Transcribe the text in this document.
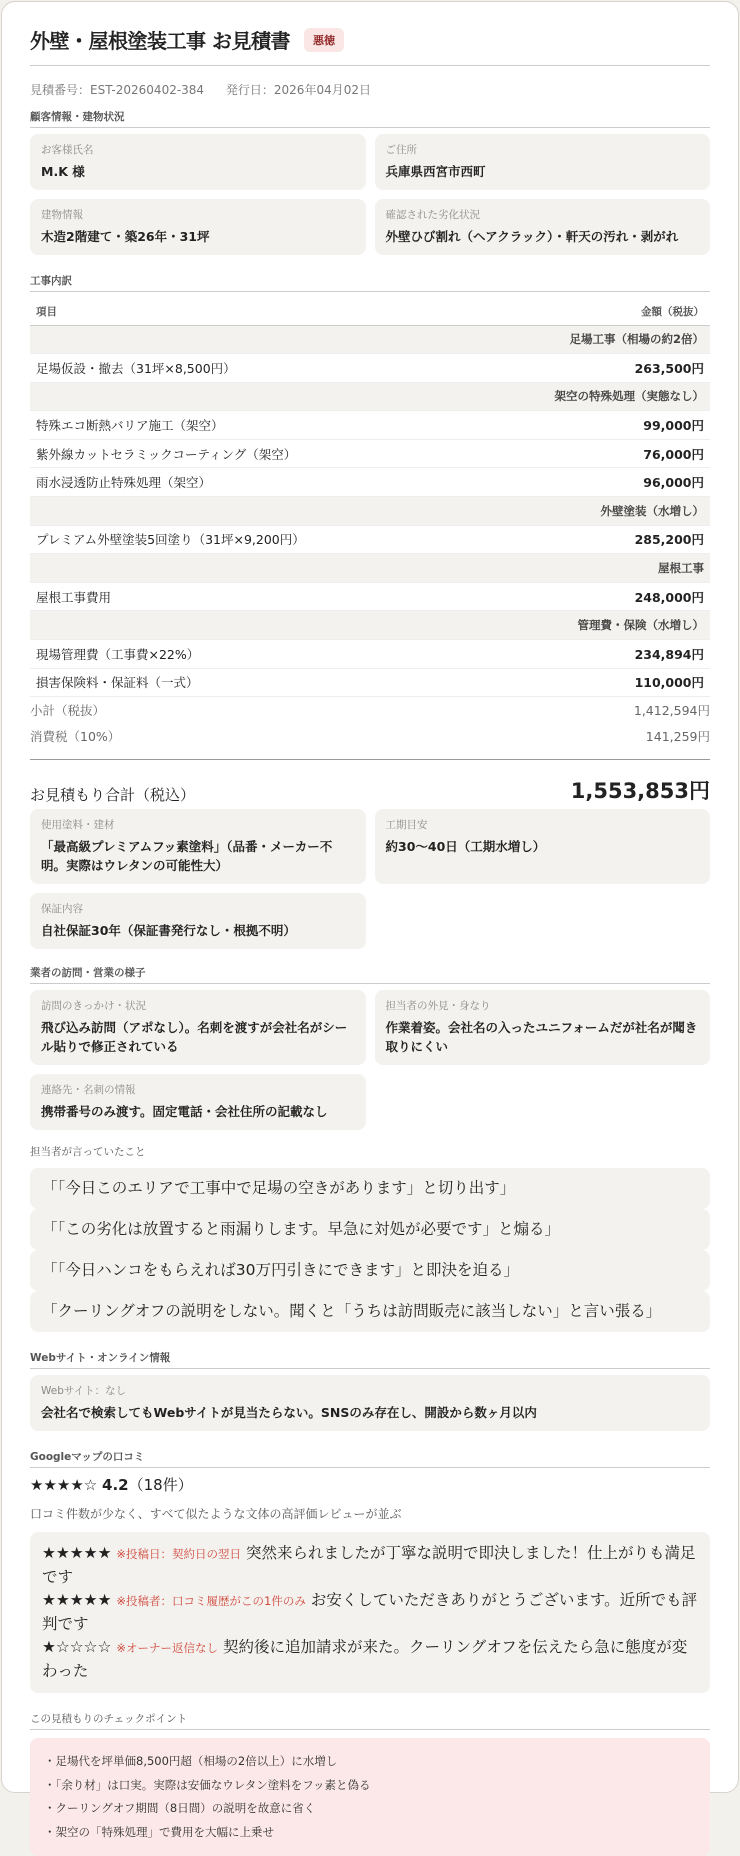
外壁・屋根塗装工事 お見積書	悪徳
見積番号：EST-20260402-384 発行日：2026年04月02日
顧客情報・建物状況
お客様氏名
M.K 様
ご住所
兵庫県西宮市西町
建物情報
木造2階建て・築26年・31坪
確認された劣化状況
外壁ひび割れ（ヘアクラック）・軒天の汚れ・剥がれ
工事内訳
項目	金額（税抜）
足場工事（相場の約2倍）	
足場仮設・撤去（31坪×8,500円）	263,500円
架空の特殊処理（実態なし）	
特殊エコ断熱バリア施工（架空）	99,000円
紫外線カットセラミックコーティング（架空）	76,000円
雨水浸透防止特殊処理（架空）	96,000円
外壁塗装（水増し）	
プレミアム外壁塗装5回塗り（31坪×9,200円）	285,200円
屋根工事	
屋根工事費用	248,000円
管理費・保険（水増し）	
現場管理費（工事費×22%）	234,894円
損害保険料・保証料（一式）	110,000円
小計（税抜）	1,412,594円
消費税（10%）	141,259円
お見積もり合計（税込）	1,553,853円
使用塗料・建材
「最高級プレミアムフッ素塗料」（品番・メーカー不明。実際はウレタンの可能性大）
工期目安
約30〜40日（工期水増し）
保証内容
自社保証30年（保証書発行なし・根拠不明）
業者の訪問・営業の様子
訪問のきっかけ・状況
飛び込み訪問（アポなし）。名刺を渡すが会社名がシール貼りで修正されている
担当者の外見・身なり
作業着姿。会社名の入ったユニフォームだが社名が聞き取りにくい
連絡先・名刺の情報
携帯番号のみ渡す。固定電話・会社住所の記載なし
担当者が言っていたこと
「「今日このエリアで工事中で足場の空きがあります」と切り出す」
「「この劣化は放置すると雨漏りします。早急に対処が必要です」と煽る」
「「今日ハンコをもらえれば30万円引きにできます」と即決を迫る」
「クーリングオフの説明をしない。聞くと「うちは訪問販売に該当しない」と言い張る」
Webサイト・オンライン情報
Webサイト：なし
会社名で検索してもWebサイトが見当たらない。SNSのみ存在し、開設から数ヶ月以内
Googleマップの口コミ
★★★★☆ 4.2（18件）
口コミ件数が少なく、すべて似たような文体の高評価レビューが並ぶ
★★★★★ ※投稿日：契約日の翌日 突然来られましたが丁寧な説明で即決しました！仕上がりも満足です
★★★★★ ※投稿者：口コミ履歴がこの1件のみ お安くしていただきありがとうございます。近所でも評判です
★☆☆☆☆ ※オーナー返信なし 契約後に追加請求が来た。クーリングオフを伝えたら急に態度が変わった
この見積もりのチェックポイント
・足場代を坪単価8,500円超（相場の2倍以上）に水増し
・「余り材」は口実。実際は安価なウレタン塗料をフッ素と偽る
・クーリングオフ期間（8日間）の説明を故意に省く
・架空の「特殊処理」で費用を大幅に上乗せ
